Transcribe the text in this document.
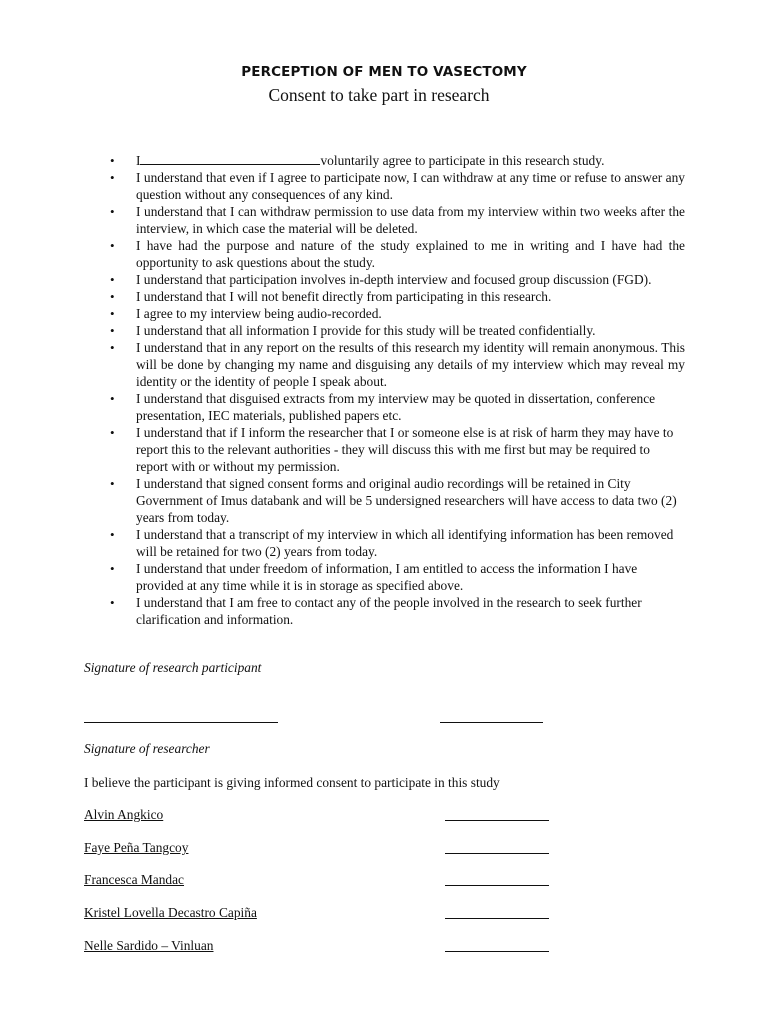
PERCEPTION OF MEN TO VASECTOMY
Consent to take part in research
• I	voluntarily agree to participate in this research study.
• I understand that even if I agree to participate now, I can withdraw at any time or refuse to answer any question without any consequences of any kind.
• I understand that I can withdraw permission to use data from my interview within two weeks after the interview, in which case the material will be deleted.
• I have had the purpose and nature of the study explained to me in writing and I have had the opportunity to ask questions about the study.
• I understand that participation involves in-depth interview and focused group discussion (FGD).
• I understand that I will not benefit directly from participating in this research.
• I agree to my interview being audio-recorded.
• I understand that all information I provide for this study will be treated confidentially.
• I understand that in any report on the results of this research my identity will remain anonymous. This will be done by changing my name and disguising any details of my interview which may reveal my identity or the identity of people I speak about.
• I understand that disguised extracts from my interview may be quoted in dissertation, conference presentation, IEC materials, published papers etc.
• I understand that if I inform the researcher that I or someone else is at risk of harm they may have to report this to the relevant authorities - they will discuss this with me first but may be required to report with or without my permission.
• I understand that signed consent forms and original audio recordings will be retained in City Government of Imus databank and will be 5 undersigned researchers will have access to data two (2) years from today.
• I understand that a transcript of my interview in which all identifying information has been removed will be retained for two (2) years from today.
• I understand that under freedom of information, I am entitled to access the information I have provided at any time while it is in storage as specified above.
• I understand that I am free to contact any of the people involved in the research to seek further clarification and information.
Signature of research participant
Signature of researcher
I believe the participant is giving informed consent to participate in this study
Alvin Angkico
Faye Peña Tangcoy
Francesca Mandac
Kristel Lovella Decastro Capiña
Nelle Sardido – Vinluan
